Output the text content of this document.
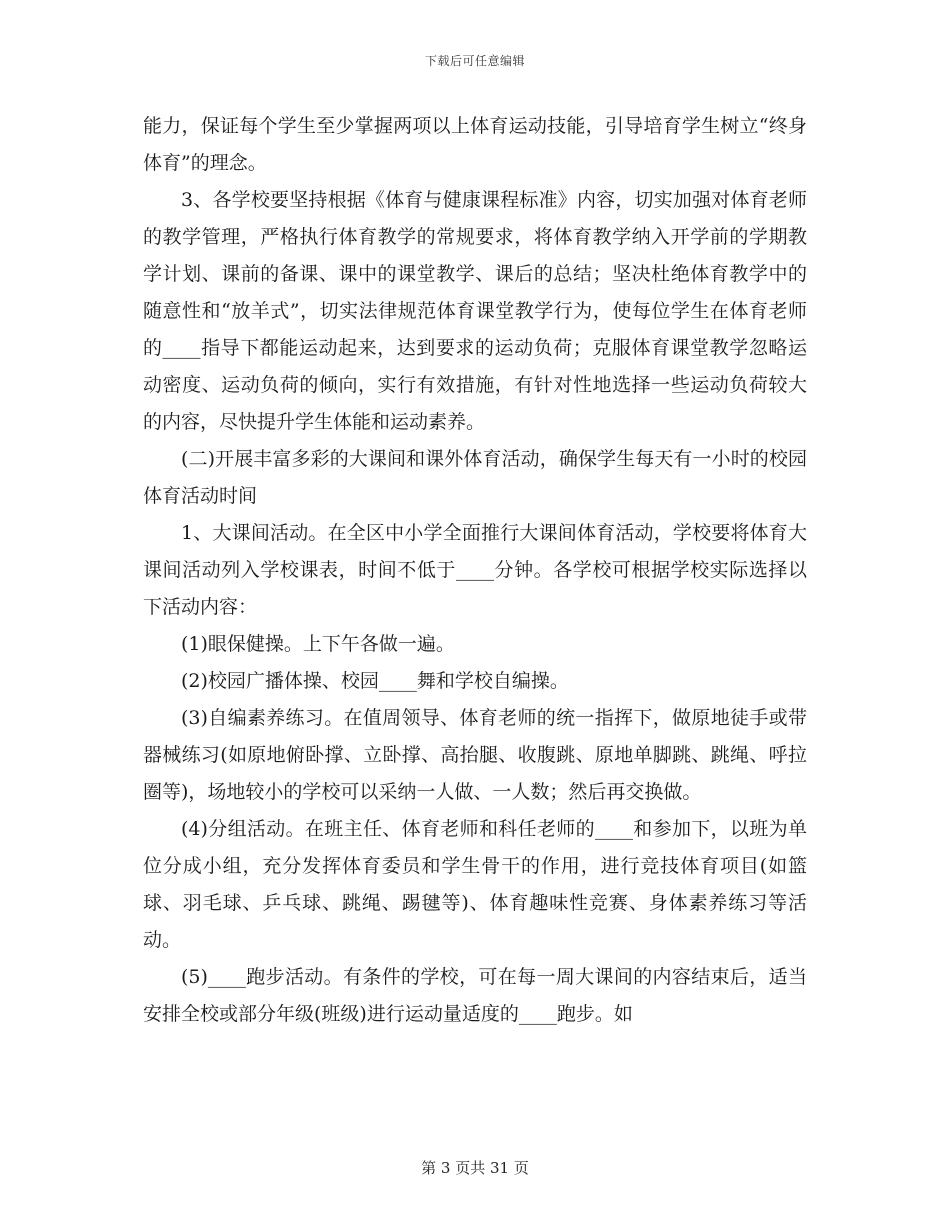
下载后可任意编辑

能力，保证每个学生至少掌握两项以上体育运动技能，引导培育学生树立“终身体育”的理念。

3、各学校要坚持根据《体育与健康课程标准》内容，切实加强对体育老师的教学管理，严格执行体育教学的常规要求，将体育教学纳入开学前的学期教学计划、课前的备课、课中的课堂教学、课后的总结；坚决杜绝体育教学中的随意性和“放羊式”，切实法律规范体育课堂教学行为，使每位学生在体育老师的____指导下都能运动起来，达到要求的运动负荷；克服体育课堂教学忽略运动密度、运动负荷的倾向，实行有效措施，有针对性地选择一些运动负荷较大的内容，尽快提升学生体能和运动素养。

(二)开展丰富多彩的大课间和课外体育活动，确保学生每天有一小时的校园体育活动时间

1、大课间活动。在全区中小学全面推行大课间体育活动，学校要将体育大课间活动列入学校课表，时间不低于____分钟。各学校可根据学校实际选择以下活动内容：

(1)眼保健操。上下午各做一遍。

(2)校园广播体操、校园____舞和学校自编操。

(3)自编素养练习。在值周领导、体育老师的统一指挥下，做原地徒手或带器械练习(如原地俯卧撑、立卧撑、高抬腿、收腹跳、原地单脚跳、跳绳、呼拉圈等)，场地较小的学校可以采纳一人做、一人数；然后再交换做。

(4)分组活动。在班主任、体育老师和科任老师的____和参加下，以班为单位分成小组，充分发挥体育委员和学生骨干的作用，进行竞技体育项目(如篮球、羽毛球、乒乓球、跳绳、踢毽等)、体育趣味性竞赛、身体素养练习等活动。

(5)____跑步活动。有条件的学校，可在每一周大课间的内容结束后，适当安排全校或部分年级(班级)进行运动量适度的____跑步。如

第 3 页共 31 页
